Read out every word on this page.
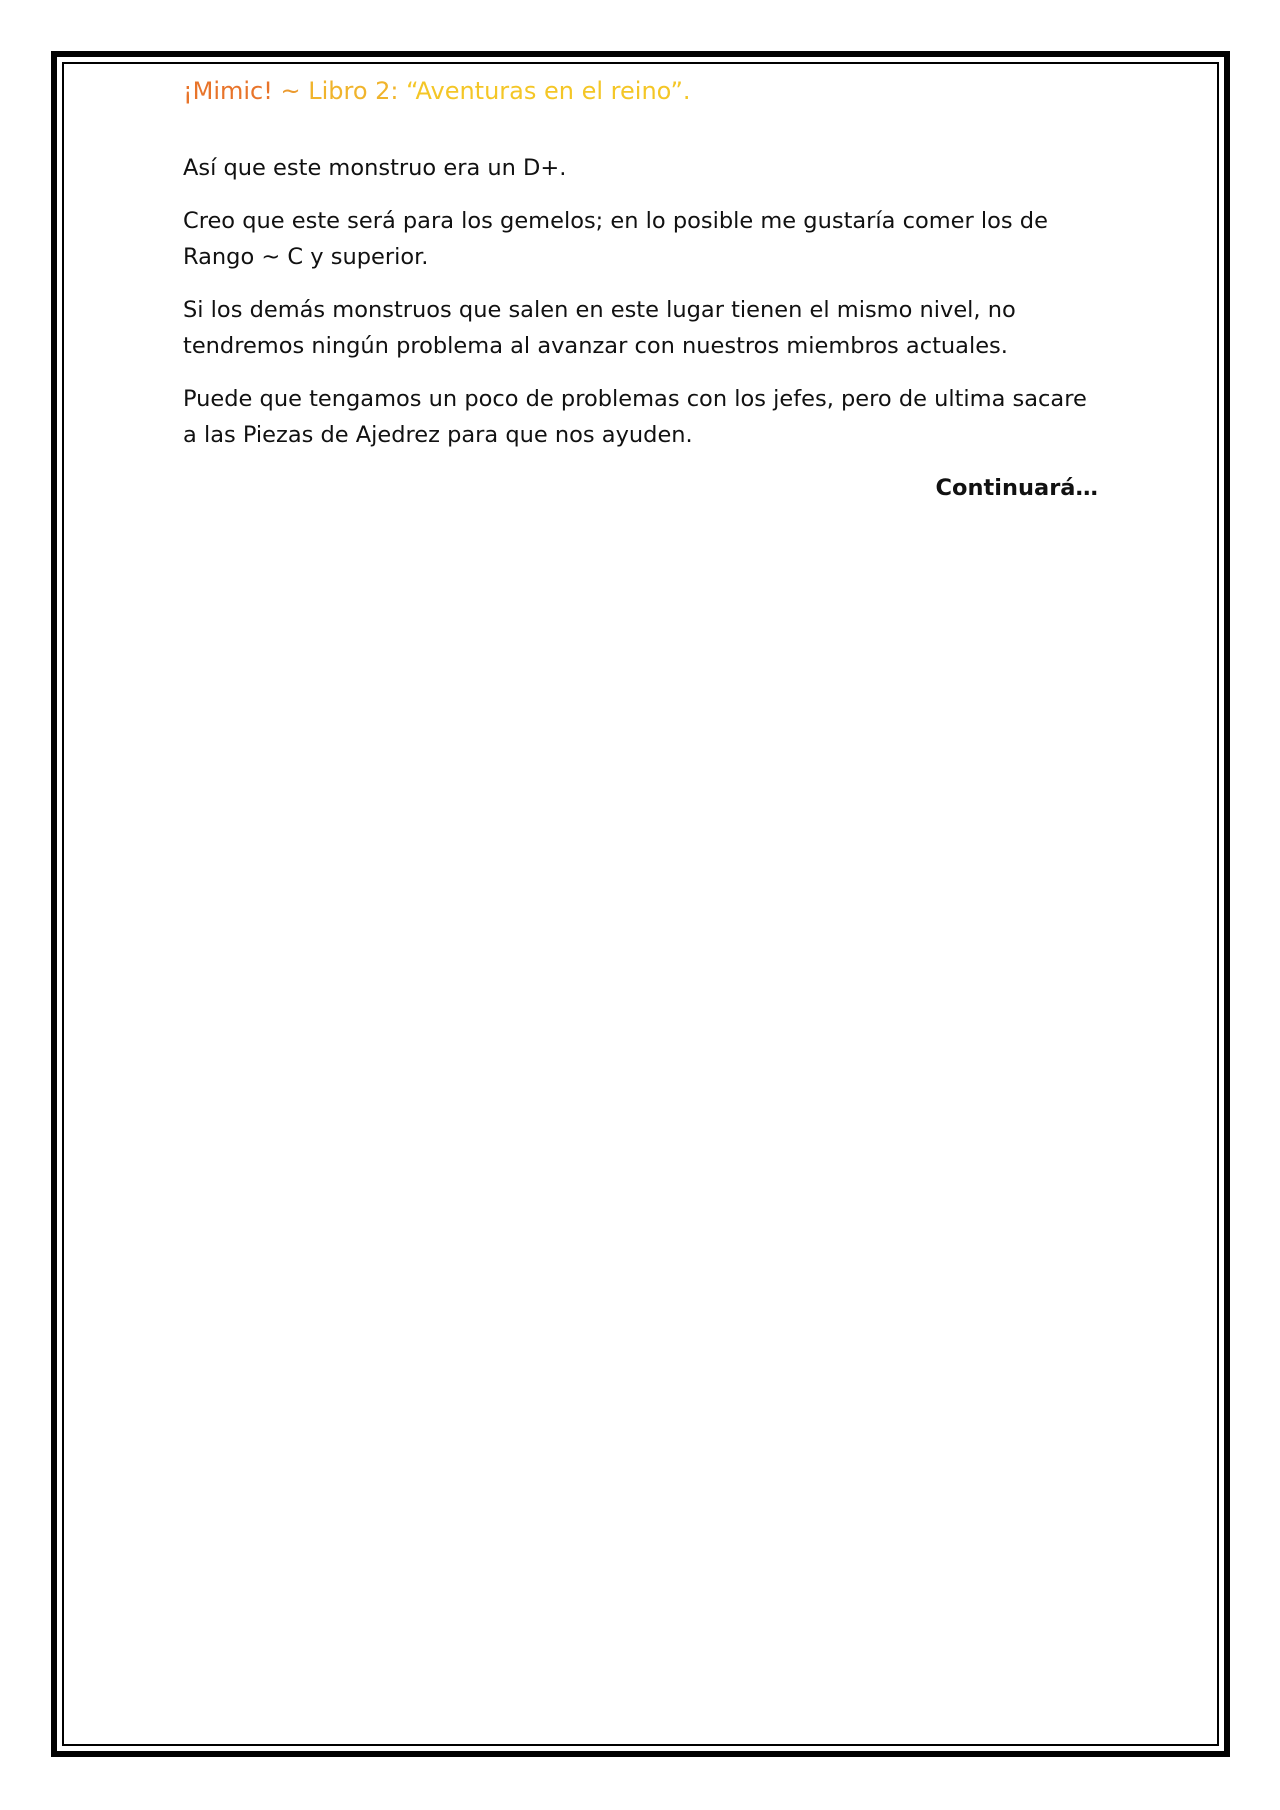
¡Mimic! ~ Libro 2: “Aventuras en el reino”.

Así que este monstruo era un D+.

Creo que este será para los gemelos; en lo posible me gustaría comer los de Rango ~ C y superior.

Si los demás monstruos que salen en este lugar tienen el mismo nivel, no tendremos ningún problema al avanzar con nuestros miembros actuales.

Puede que tengamos un poco de problemas con los jefes, pero de ultima sacare a las Piezas de Ajedrez para que nos ayuden.

Continuará…
